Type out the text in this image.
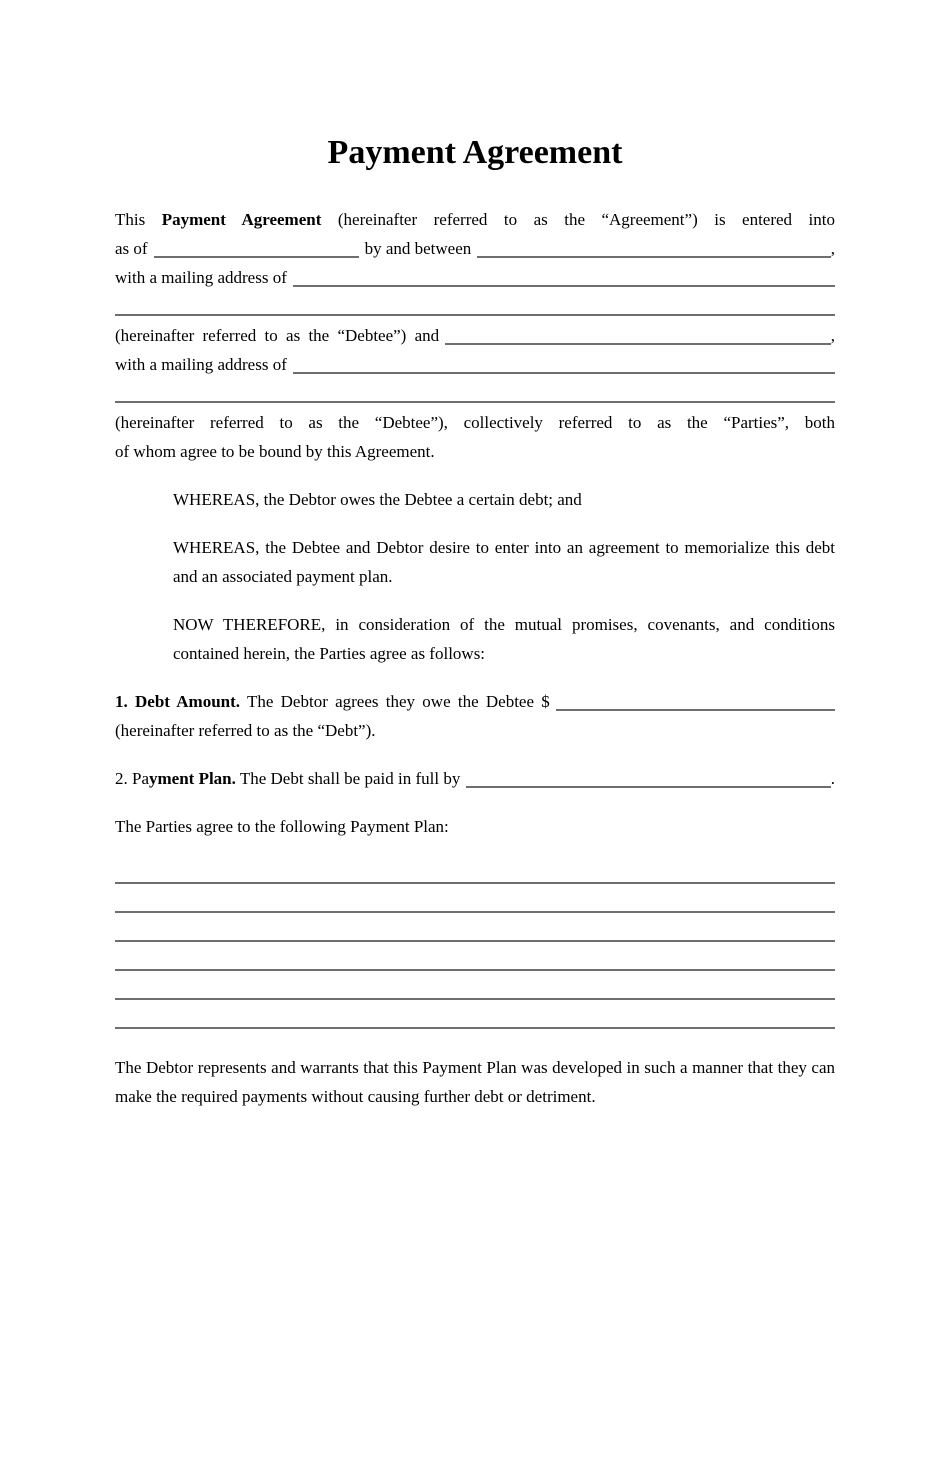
Payment Agreement
This Payment Agreement (hereinafter referred to as the “Agreement”) is entered into
as of	by and between	,
with a mailing address of
(hereinafter referred to as the “Debtee”) and	,
with a mailing address of
(hereinafter referred to as the “Debtee”), collectively referred to as the “Parties”, both
of whom agree to be bound by this Agreement.

WHEREAS, the Debtor owes the Debtee a certain debt; and

WHEREAS, the Debtee and Debtor desire to enter into an agreement to memorialize this debt and an associated payment plan.

NOW THEREFORE, in consideration of the mutual promises, covenants, and conditions contained herein, the Parties agree as follows:

1. Debt Amount. The Debtor agrees they owe the Debtee $
(hereinafter referred to as the “Debt”).
2. Payment Plan. The Debt shall be paid in full by	.

The Parties agree to the following Payment Plan:

The Debtor represents and warrants that this Payment Plan was developed in such a manner that they can make the required payments without causing further debt or detriment.
